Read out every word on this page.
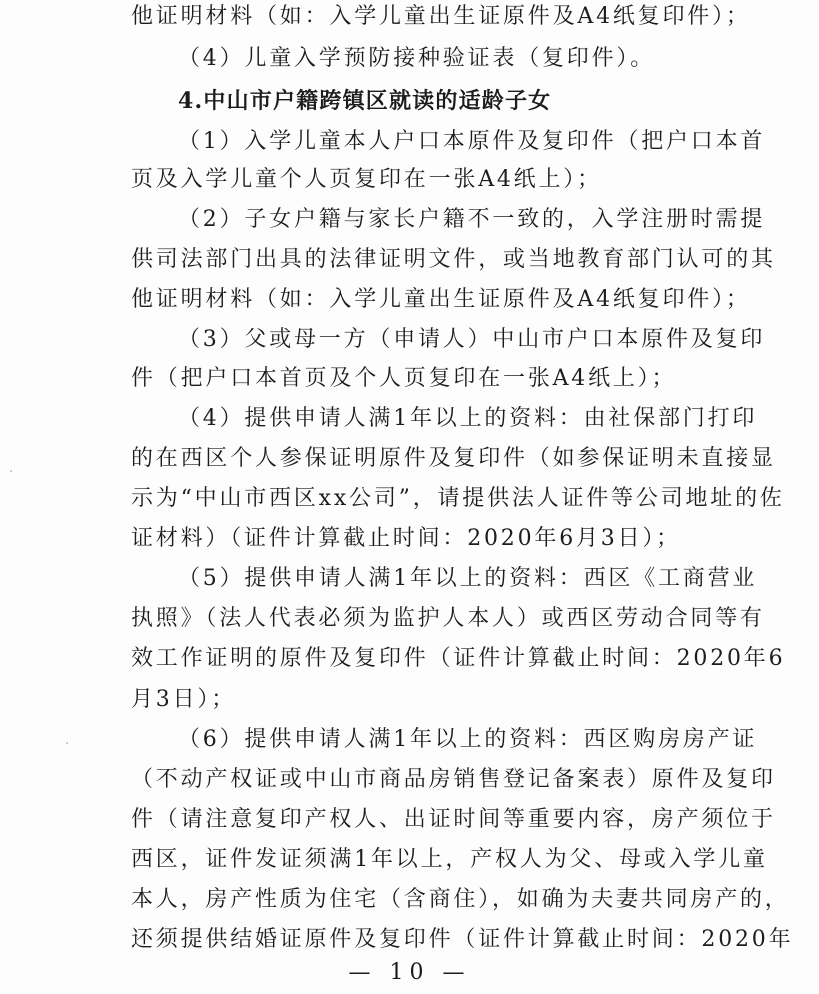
他证明材料（如：入学儿童出生证原件及A4纸复印件）；
（4）儿童入学预防接种验证表（复印件）。
4.中山市户籍跨镇区就读的适龄子女
（1）入学儿童本人户口本原件及复印件（把户口本首
页及入学儿童个人页复印在一张A4纸上）；
（2）子女户籍与家长户籍不一致的，入学注册时需提
供司法部门出具的法律证明文件，或当地教育部门认可的其
他证明材料（如：入学儿童出生证原件及A4纸复印件）；
（3）父或母一方（申请人）中山市户口本原件及复印
件（把户口本首页及个人页复印在一张A4纸上）；
（4）提供申请人满1年以上的资料：由社保部门打印
的在西区个人参保证明原件及复印件（如参保证明未直接显
示为“中山市西区xx公司”，请提供法人证件等公司地址的佐
证材料）（证件计算截止时间：2020年6月3日）；
（5）提供申请人满1年以上的资料：西区《工商营业
执照》（法人代表必须为监护人本人）或西区劳动合同等有
效工作证明的原件及复印件（证件计算截止时间：2020年6
月3日）；
（6）提供申请人满1年以上的资料：西区购房房产证
（不动产权证或中山市商品房销售登记备案表）原件及复印
件（请注意复印产权人、出证时间等重要内容，房产须位于
西区，证件发证须满1年以上，产权人为父、母或入学儿童
本人，房产性质为住宅（含商住），如确为夫妻共同房产的，
还须提供结婚证原件及复印件（证件计算截止时间：2020年
— 10 —
